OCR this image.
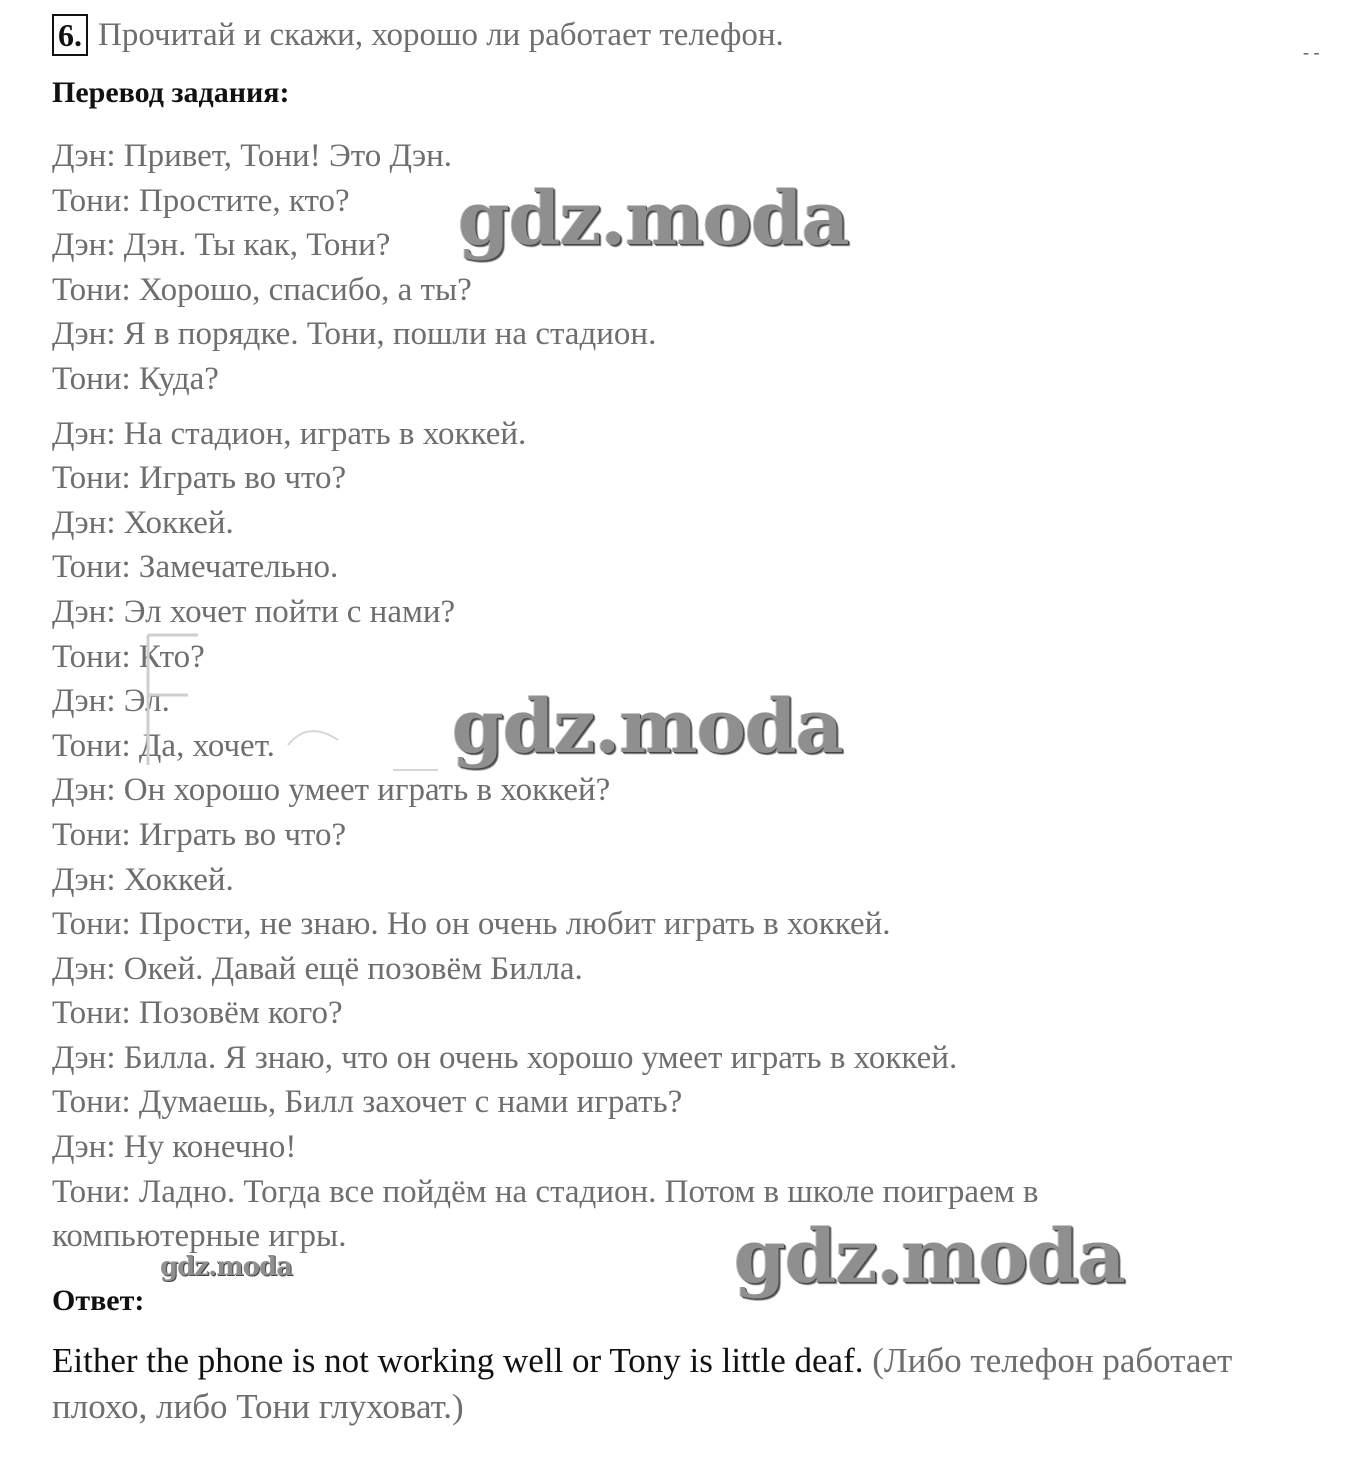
6. Прочитай и скажи, хорошо ли работает телефон.	- -
Перевод задания:
Дэн: Привет, Тони! Это Дэн.
Тони: Простите, кто?
Дэн: Дэн. Ты как, Тони?
Тони: Хорошо, спасибо, а ты?
Дэн: Я в порядке. Тони, пошли на стадион.
Тони: Куда?
Дэн: На стадион, играть в хоккей.
Тони: Играть во что?
Дэн: Хоккей.
Тони: Замечательно.
Дэн: Эл хочет пойти с нами?
Тони: Кто?
Дэн: Эл.
Тони: Да, хочет.
Дэн: Он хорошо умеет играть в хоккей?
Тони: Играть во что?
Дэн: Хоккей.
Тони: Прости, не знаю. Но он очень любит играть в хоккей.
Дэн: Окей. Давай ещё позовём Билла.
Тони: Позовём кого?
Дэн: Билла. Я знаю, что он очень хорошо умеет играть в хоккей.
Тони: Думаешь, Билл захочет с нами играть?
Дэн: Ну конечно!
Тони: Ладно. Тогда все пойдём на стадион. Потом в школе поиграем в компьютерные игры.
Ответ:
Either the phone is not working well or Tony is little deaf. (Либо телефон работает плохо, либо Тони глуховат.)
gdz.moda
gdz.moda
gdz.moda
gdz.moda
